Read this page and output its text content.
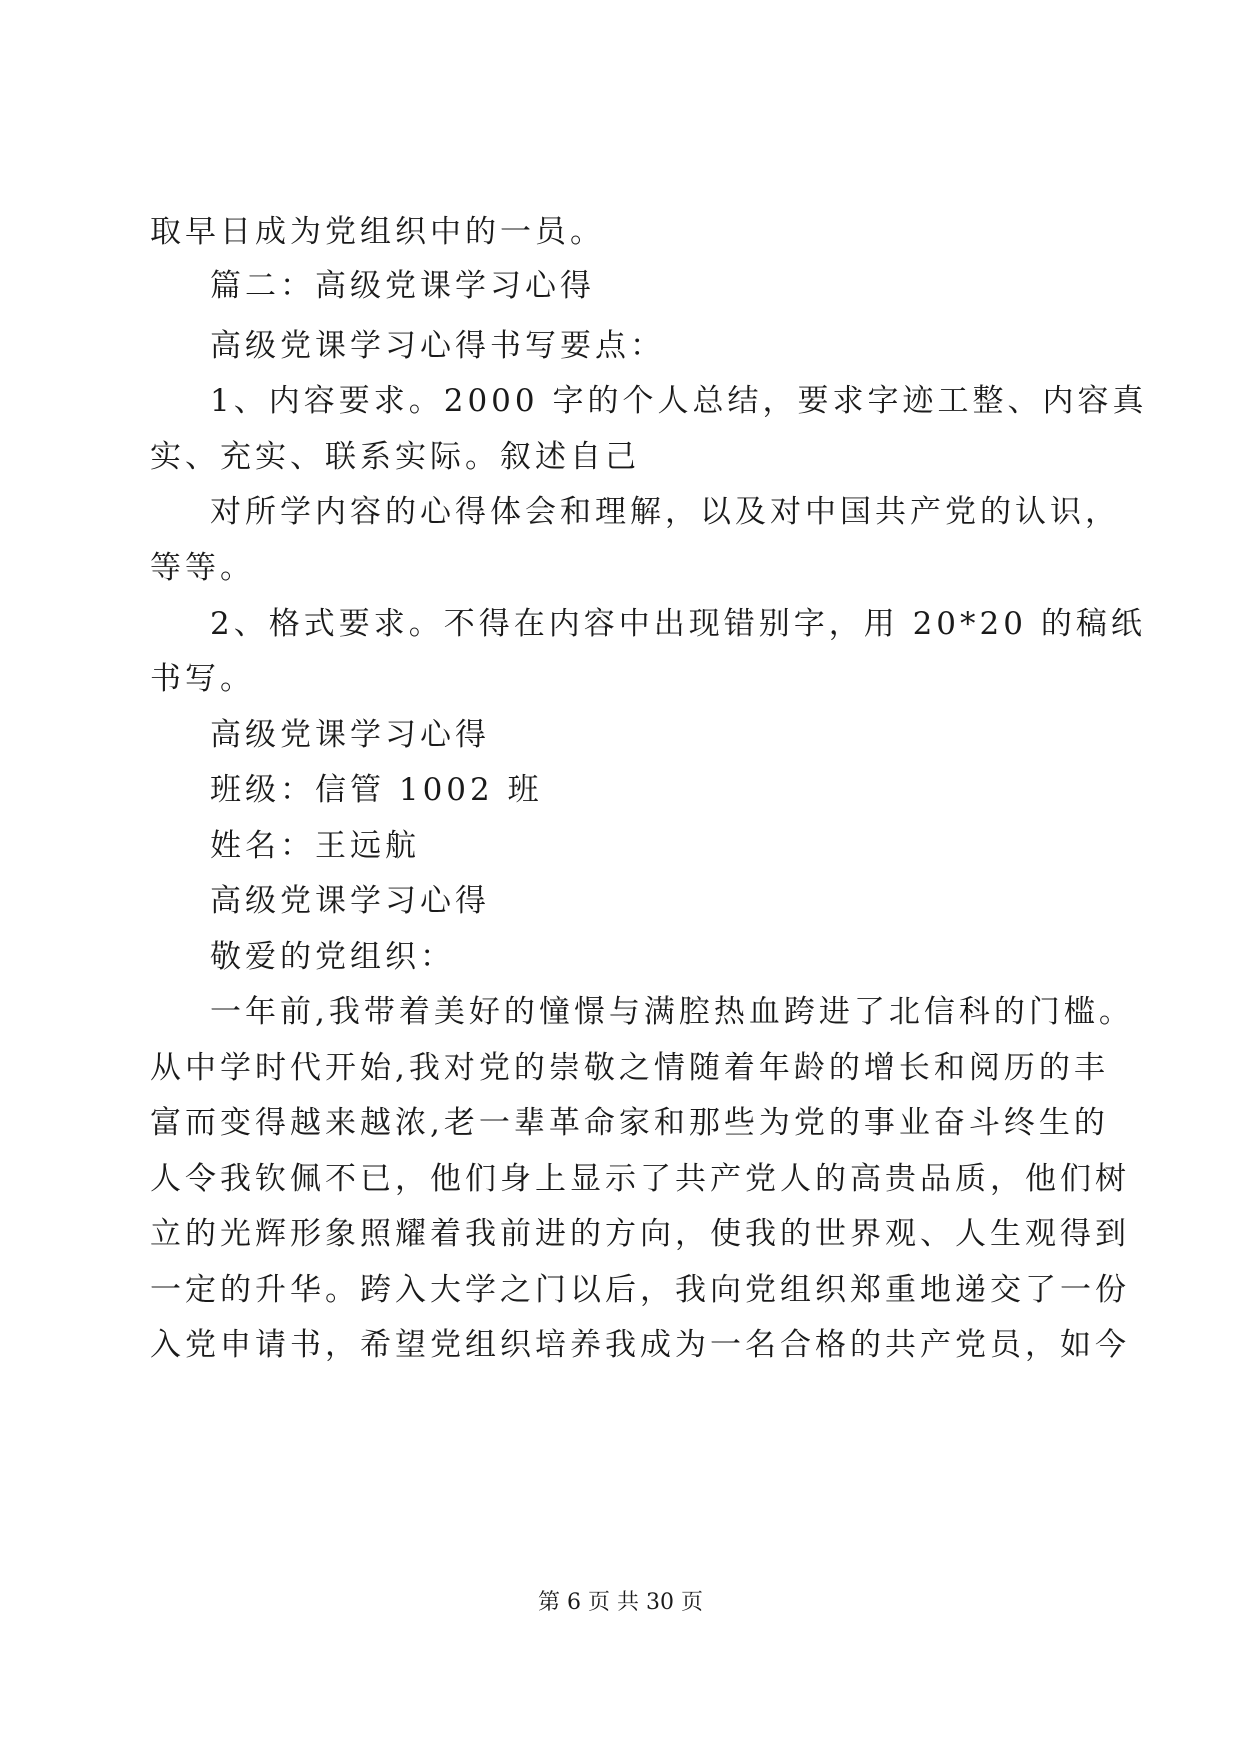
取早日成为党组织中的一员。
篇二：高级党课学习心得
高级党课学习心得书写要点：
1、内容要求。2000 字的个人总结，要求字迹工整、内容真
实、充实、联系实际。叙述自己
对所学内容的心得体会和理解，以及对中国共产党的认识，
等等。
2、格式要求。不得在内容中出现错别字，用 20*20 的稿纸
书写。
高级党课学习心得
班级：信管 1002 班
姓名：王远航
高级党课学习心得
敬爱的党组织：
一年前,我带着美好的憧憬与满腔热血跨进了北信科的门槛。
从中学时代开始,我对党的崇敬之情随着年龄的增长和阅历的丰
富而变得越来越浓,老一辈革命家和那些为党的事业奋斗终生的
人令我钦佩不已，他们身上显示了共产党人的高贵品质，他们树
立的光辉形象照耀着我前进的方向，使我的世界观、人生观得到
一定的升华。跨入大学之门以后，我向党组织郑重地递交了一份
入党申请书，希望党组织培养我成为一名合格的共产党员，如今
第 6 页 共 30 页
